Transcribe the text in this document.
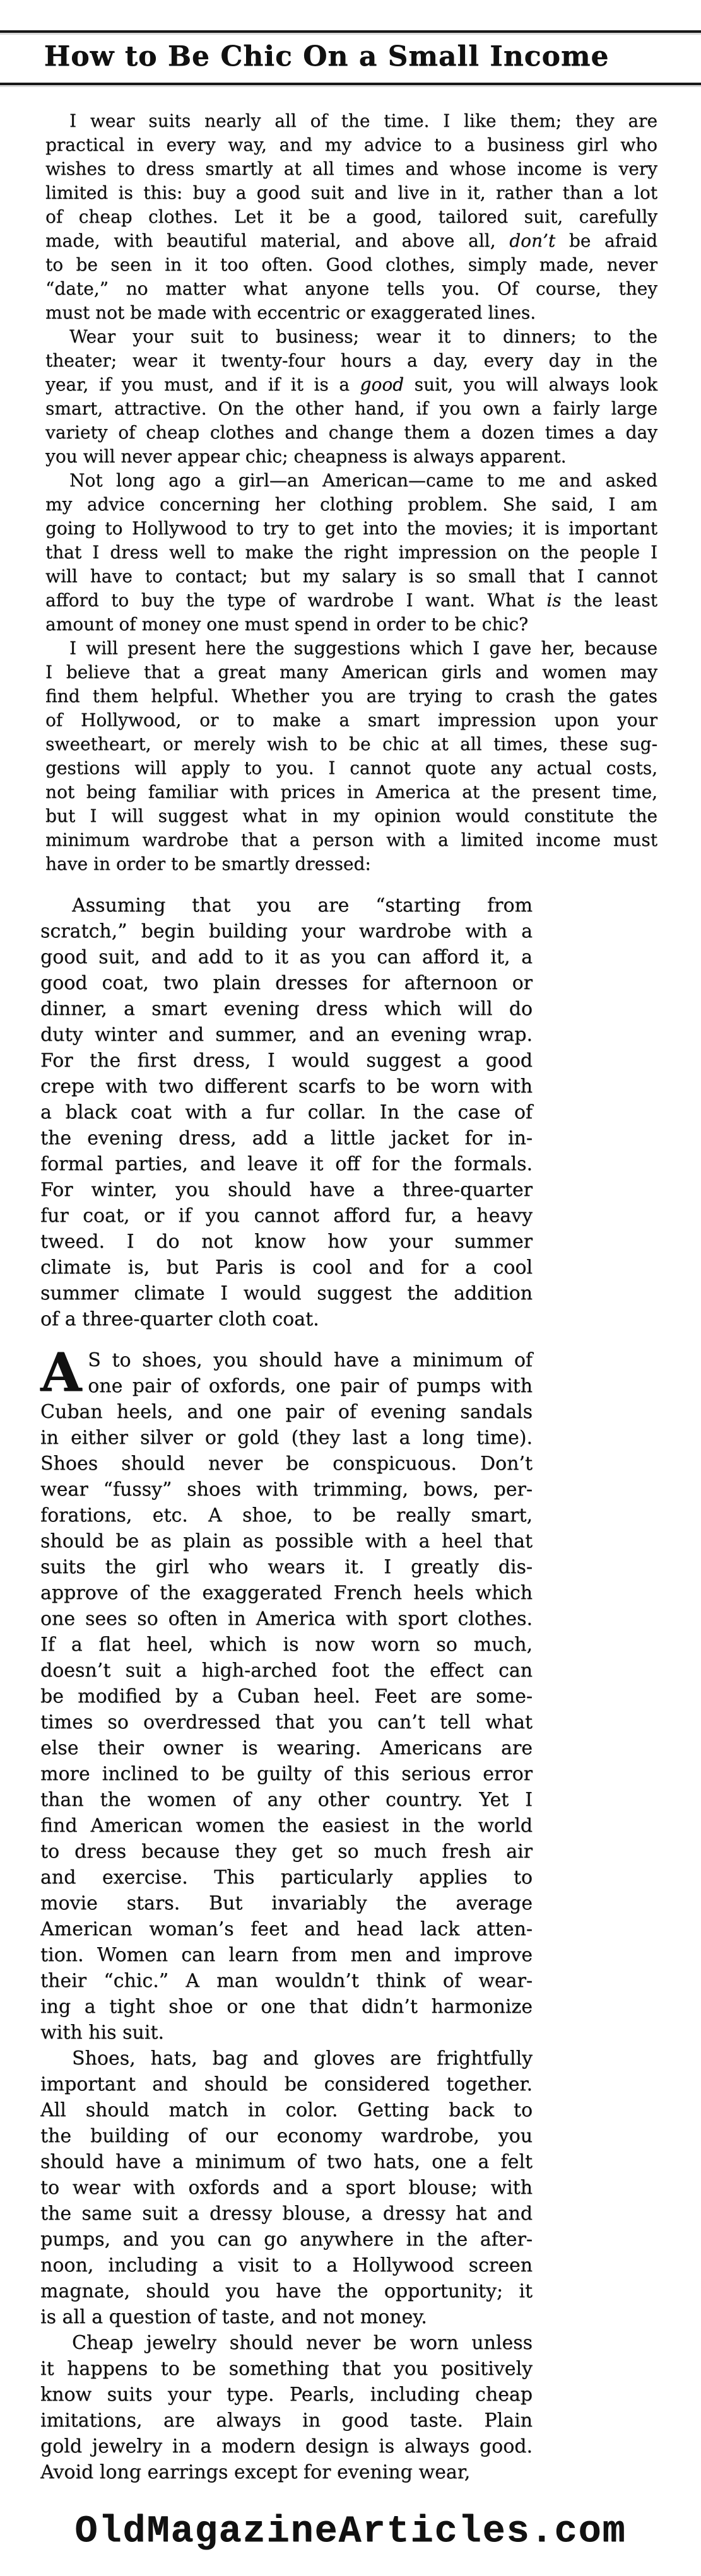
How to Be Chic On a Small Income
I wear suits nearly all of the time. I like them; they are
practical in every way, and my advice to a business girl who
wishes to dress smartly at all times and whose income is very
limited is this: buy a good suit and live in it, rather than a lot
of cheap clothes. Let it be a good, tailored suit, carefully
made, with beautiful material, and above all, don’t be afraid
to be seen in it too often. Good clothes, simply made, never
“date,” no matter what anyone tells you. Of course, they
must not be made with eccentric or exaggerated lines.
Wear your suit to business; wear it to dinners; to the
theater; wear it twenty-four hours a day, every day in the
year, if you must, and if it is a good suit, you will always look
smart, attractive. On the other hand, if you own a fairly large
variety of cheap clothes and change them a dozen times a day
you will never appear chic; cheapness is always apparent.
Not long ago a girl—an American—came to me and asked
my advice concerning her clothing problem. She said, I am
going to Hollywood to try to get into the movies; it is important
that I dress well to make the right impression on the people I
will have to contact; but my salary is so small that I cannot
afford to buy the type of wardrobe I want. What is the least
amount of money one must spend in order to be chic?
I will present here the suggestions which I gave her, because
I believe that a great many American girls and women may
find them helpful. Whether you are trying to crash the gates
of Hollywood, or to make a smart impression upon your
sweetheart, or merely wish to be chic at all times, these sug-
gestions will apply to you. I cannot quote any actual costs,
not being familiar with prices in America at the present time,
but I will suggest what in my opinion would constitute the
minimum wardrobe that a person with a limited income must
have in order to be smartly dressed:
Assuming that you are “starting from
scratch,” begin building your wardrobe with a
good suit, and add to it as you can afford it, a
good coat, two plain dresses for afternoon or
dinner, a smart evening dress which will do
duty winter and summer, and an evening wrap.
For the first dress, I would suggest a good
crepe with two different scarfs to be worn with
a black coat with a fur collar. In the case of
the evening dress, add a little jacket for in-
formal parties, and leave it off for the formals.
For winter, you should have a three-quarter
fur coat, or if you cannot afford fur, a heavy
tweed. I do not know how your summer
climate is, but Paris is cool and for a cool
summer climate I would suggest the addition
of a three-quarter cloth coat.
A S to shoes, you should have a minimum of
one pair of oxfords, one pair of pumps with
Cuban heels, and one pair of evening sandals
in either silver or gold (they last a long time).
Shoes should never be conspicuous. Don’t
wear “fussy” shoes with trimming, bows, per-
forations, etc. A shoe, to be really smart,
should be as plain as possible with a heel that
suits the girl who wears it. I greatly dis-
approve of the exaggerated French heels which
one sees so often in America with sport clothes.
If a flat heel, which is now worn so much,
doesn’t suit a high-arched foot the effect can
be modified by a Cuban heel. Feet are some-
times so overdressed that you can’t tell what
else their owner is wearing. Americans are
more inclined to be guilty of this serious error
than the women of any other country. Yet I
find American women the easiest in the world
to dress because they get so much fresh air
and exercise. This particularly applies to
movie stars. But invariably the average
American woman’s feet and head lack atten-
tion. Women can learn from men and improve
their “chic.” A man wouldn’t think of wear-
ing a tight shoe or one that didn’t harmonize
with his suit.
Shoes, hats, bag and gloves are frightfully
important and should be considered together.
All should match in color. Getting back to
the building of our economy wardrobe, you
should have a minimum of two hats, one a felt
to wear with oxfords and a sport blouse; with
the same suit a dressy blouse, a dressy hat and
pumps, and you can go anywhere in the after-
noon, including a visit to a Hollywood screen
magnate, should you have the opportunity; it
is all a question of taste, and not money.
Cheap jewelry should never be worn unless
it happens to be something that you positively
know suits your type. Pearls, including cheap
imitations, are always in good taste. Plain
gold jewelry in a modern design is always good.
Avoid long earrings except for evening wear,
OldMagazineArticles.com
